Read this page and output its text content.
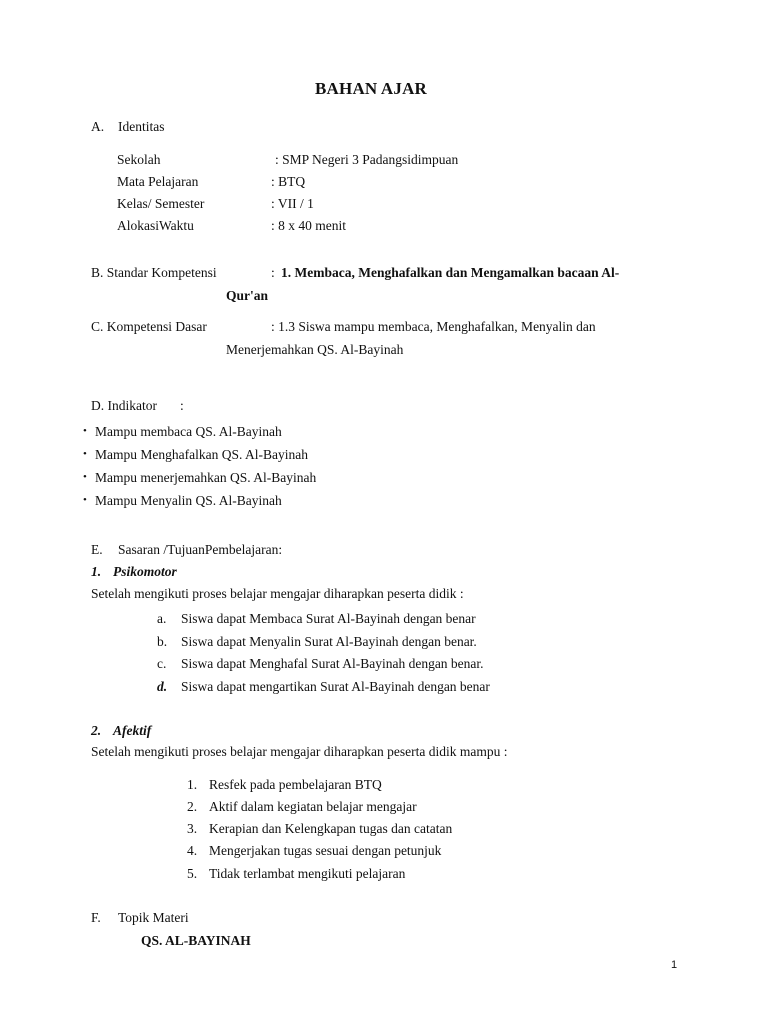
BAHAN AJAR
A. Identitas
Sekolah	: SMP Negeri 3 Padangsidimpuan
Mata Pelajaran	: BTQ
Kelas/ Semester	: VII / 1
AlokasiWaktu	: 8 x 40 menit
B. Standar Kompetensi	: 1. Membaca, Menghafalkan dan Mengamalkan bacaan Al-
Qur'an
C. Kompetensi Dasar	: 1.3 Siswa mampu membaca, Menghafalkan, Menyalin dan
Menerjemahkan QS. Al-Bayinah
D. Indikator :
• Mampu membaca QS. Al-Bayinah
• Mampu Menghafalkan QS. Al-Bayinah
• Mampu menerjemahkan QS. Al-Bayinah
• Mampu Menyalin QS. Al-Bayinah
E. Sasaran /TujuanPembelajaran:
1. Psikomotor
Setelah mengikuti proses belajar mengajar diharapkan peserta didik :
a. Siswa dapat Membaca Surat Al-Bayinah dengan benar
b. Siswa dapat Menyalin Surat Al-Bayinah dengan benar.
c. Siswa dapat Menghafal Surat Al-Bayinah dengan benar.
d. Siswa dapat mengartikan Surat Al-Bayinah dengan benar
2. Afektif
Setelah mengikuti proses belajar mengajar diharapkan peserta didik mampu :
1. Resfek pada pembelajaran BTQ
2. Aktif dalam kegiatan belajar mengajar
3. Kerapian dan Kelengkapan tugas dan catatan
4. Mengerjakan tugas sesuai dengan petunjuk
5. Tidak terlambat mengikuti pelajaran
F. Topik Materi
QS. AL-BAYINAH
1
